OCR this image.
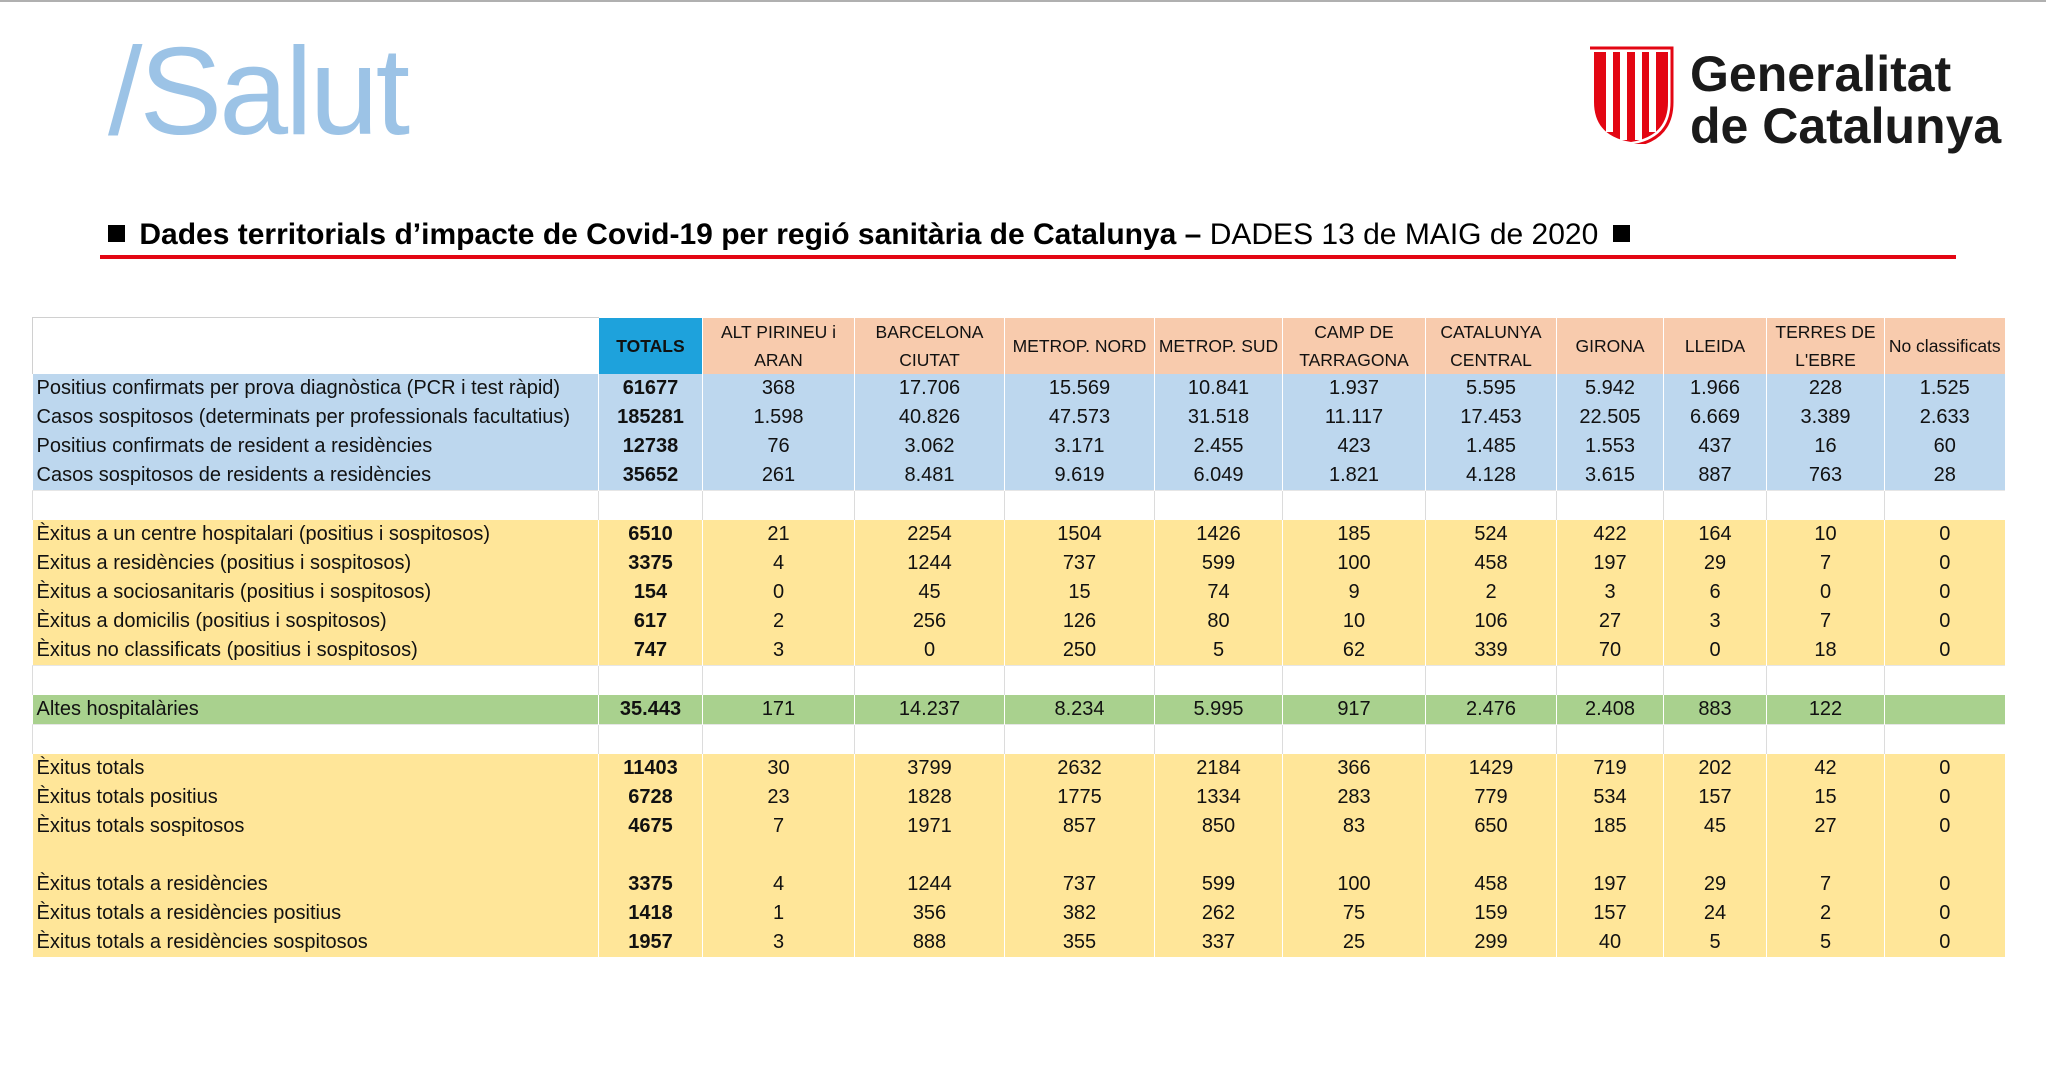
/Salut	Generalitat
de Catalunya
Dades territorials d’impacte de Covid-19 per regió sanitària de Catalunya – DADES 13 de MAIG de 2020
	TOTALS	ALT PIRINEU i ARAN	BARCELONA CIUTAT	METROP. NORD	METROP. SUD	CAMP DE TARRAGONA	CATALUNYA CENTRAL	GIRONA	LLEIDA	TERRES DE L'EBRE	No classificats
Positius confirmats per prova diagnòstica (PCR i test ràpid)	61677	368	17.706	15.569	10.841	1.937	5.595	5.942	1.966	228	1.525
Casos sospitosos (determinats per professionals facultatius)	185281	1.598	40.826	47.573	31.518	11.117	17.453	22.505	6.669	3.389	2.633
Positius confirmats de resident a residències	12738	76	3.062	3.171	2.455	423	1.485	1.553	437	16	60
Casos sospitosos de residents a residències	35652	261	8.481	9.619	6.049	1.821	4.128	3.615	887	763	28

Èxitus a un centre hospitalari (positius i sospitosos)	6510	21	2254	1504	1426	185	524	422	164	10	0
Exitus a residències (positius i sospitosos)	3375	4	1244	737	599	100	458	197	29	7	0
Èxitus a sociosanitaris (positius i sospitosos)	154	0	45	15	74	9	2	3	6	0	0
Èxitus a domicilis (positius i sospitosos)	617	2	256	126	80	10	106	27	3	7	0
Èxitus no classificats (positius i sospitosos)	747	3	0	250	5	62	339	70	0	18	0

Altes hospitalàries	35.443	171	14.237	8.234	5.995	917	2.476	2.408	883	122	

Èxitus totals	11403	30	3799	2632	2184	366	1429	719	202	42	0
Èxitus totals positius	6728	23	1828	1775	1334	283	779	534	157	15	0
Èxitus totals sospitosos	4675	7	1971	857	850	83	650	185	45	27	0

Èxitus totals a residències	3375	4	1244	737	599	100	458	197	29	7	0
Èxitus totals a residències positius	1418	1	356	382	262	75	159	157	24	2	0
Èxitus totals a residències sospitosos	1957	3	888	355	337	25	299	40	5	5	0
